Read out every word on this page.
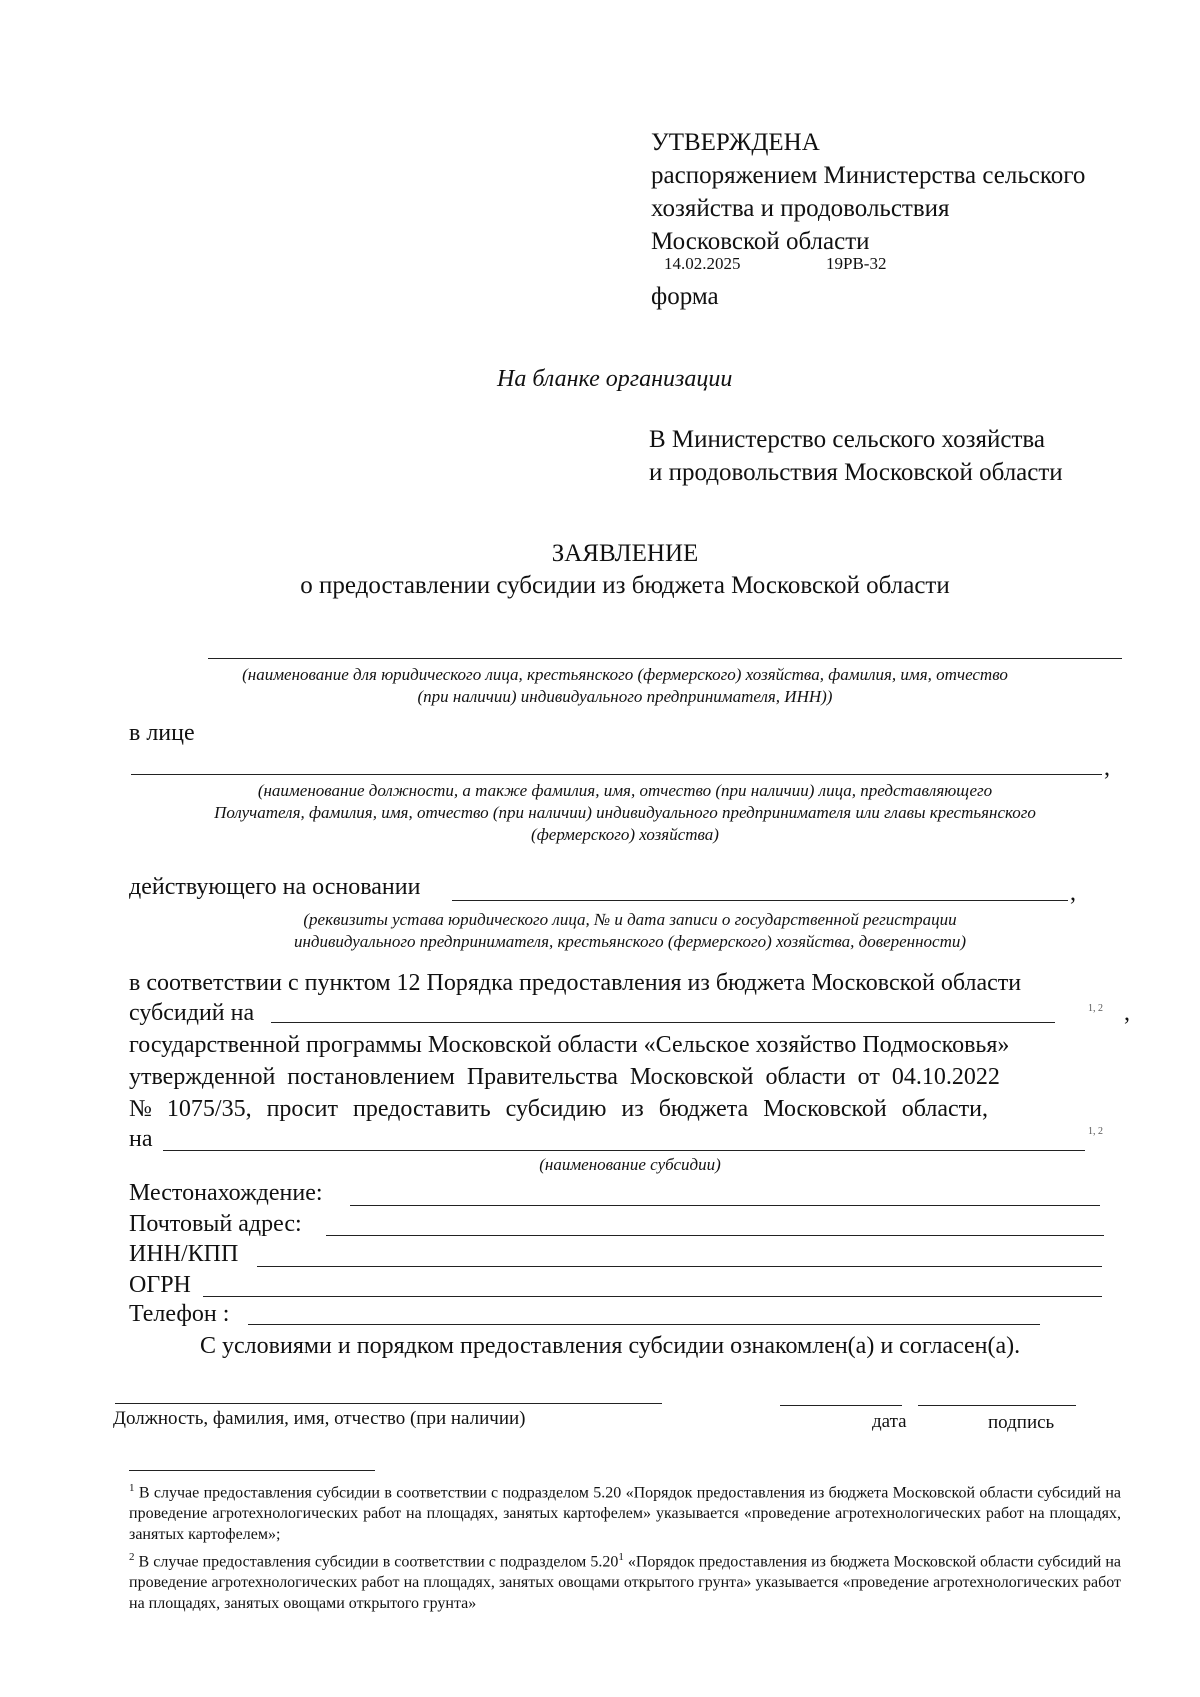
УТВЕРЖДЕНА
распоряжением Министерства сельского
хозяйства и продовольствия
Московской области
14.02.2025	19РВ-32
форма
На бланке организации
В Министерство сельского хозяйства
и продовольствия Московской области
ЗАЯВЛЕНИЕ
о предоставлении субсидии из бюджета Московской области
(наименование для юридического лица, крестьянского (фермерского) хозяйства, фамилия, имя, отчество
(при наличии) индивидуального предпринимателя, ИНН))
в лице
,
(наименование должности, а также фамилия, имя, отчество (при наличии) лица, представляющего
Получателя, фамилия, имя, отчество (при наличии) индивидуального предпринимателя или главы крестьянского
(фермерского) хозяйства)
действующего на основании	,
(реквизиты устава юридического лица, № и дата записи о государственной регистрации
индивидуального предпринимателя, крестьянского (фермерского) хозяйства, доверенности)
в соответствии с пунктом 12 Порядка предоставления из бюджета Московской области
субсидий на	1, 2 ,
государственной программы Московской области «Сельское хозяйство Подмосковья»
утвержденной постановлением Правительства Московской области от 04.10.2022
№ 1075/35, просит предоставить субсидию из бюджета Московской области,
на	1, 2
(наименование субсидии)
Местонахождение:
Почтовый адрес:
ИНН/КПП
ОГРН
Телефон :
С условиями и порядком предоставления субсидии ознакомлен(а) и согласен(а).
Должность, фамилия, имя, отчество (при наличии)	дата	подпись
$^1$ В случае предоставления субсидии в соответствии с подразделом 5.20 «Порядок предоставления из бюджета Московской области субсидий на проведение агротехнологических работ на площадях, занятых картофелем» указывается «проведение агротехнологических работ на площадях, занятых картофелем»;
$^2$ В случае предоставления субсидии в соответствии с подразделом 5.20$^1$ «Порядок предоставления из бюджета Московской области субсидий на проведение агротехнологических работ на площадях, занятых овощами открытого грунта» указывается «проведение агротехнологических работ на площадях, занятых овощами открытого грунта»
